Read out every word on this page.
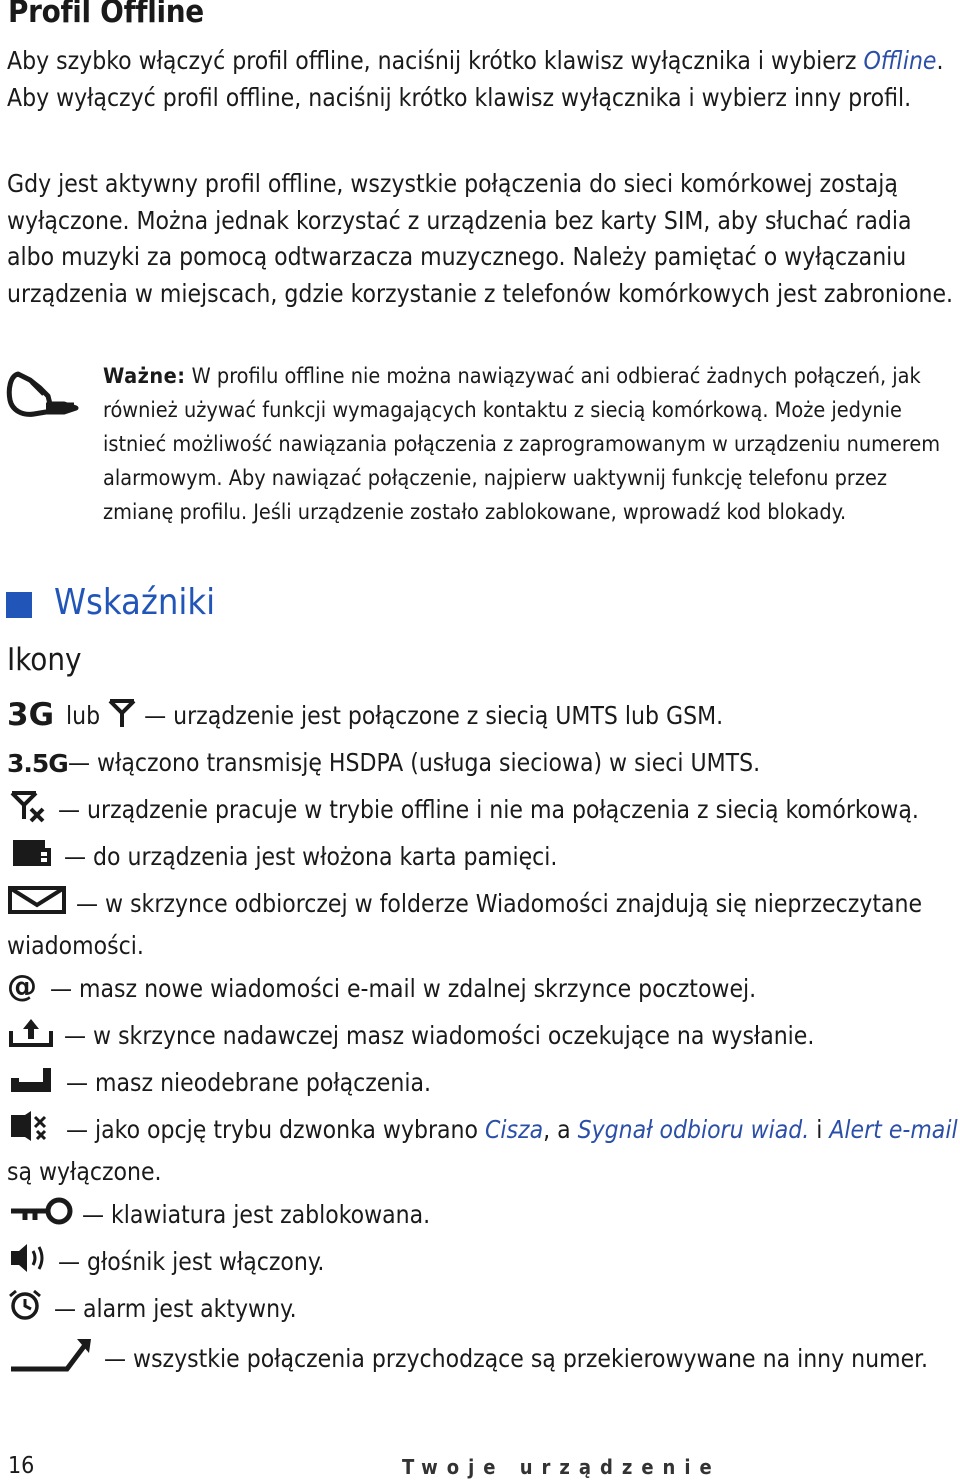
Profil Offline
Aby szybko włączyć profil offline, naciśnij krótko klawisz wyłącznika i wybierz Offline. Aby wyłączyć profil offline, naciśnij krótko klawisz wyłącznika i wybierz inny profil.
Gdy jest aktywny profil offline, wszystkie połączenia do sieci komórkowej zostają wyłączone. Można jednak korzystać z urządzenia bez karty SIM, aby słuchać radia albo muzyki za pomocą odtwarzacza muzycznego. Należy pamiętać o wyłączaniu urządzenia w miejscach, gdzie korzystanie z telefonów komórkowych jest zabronione.
Ważne: W profilu offline nie można nawiązywać ani odbierać żadnych połączeń, jak również używać funkcji wymagających kontaktu z siecią komórkową. Może jedynie istnieć możliwość nawiązania połączenia z zaprogramowanym w urządzeniu numerem alarmowym. Aby nawiązać połączenie, najpierw uaktywnij funkcję telefonu przez zmianę profilu. Jeśli urządzenie zostało zablokowane, wprowadź kod blokady.
Wskaźniki
Ikony
3G lub — urządzenie jest połączone z siecią UMTS lub GSM.
3.5G — włączono transmisję HSDPA (usługa sieciowa) w sieci UMTS.
— urządzenie pracuje w trybie offline i nie ma połączenia z siecią komórkową.
— do urządzenia jest włożona karta pamięci.
— w skrzynce odbiorczej w folderze Wiadomości znajdują się nieprzeczytane wiadomości.
@ — masz nowe wiadomości e-mail w zdalnej skrzynce pocztowej.
— w skrzynce nadawczej masz wiadomości oczekujące na wysłanie.
— masz nieodebrane połączenia.
— jako opcję trybu dzwonka wybrano Cisza, a Sygnał odbioru wiad. i Alert e-mail są wyłączone.
— klawiatura jest zablokowana.
— głośnik jest włączony.
— alarm jest aktywny.
— wszystkie połączenia przychodzące są przekierowywane na inny numer.
16	Twoje urządzenie
